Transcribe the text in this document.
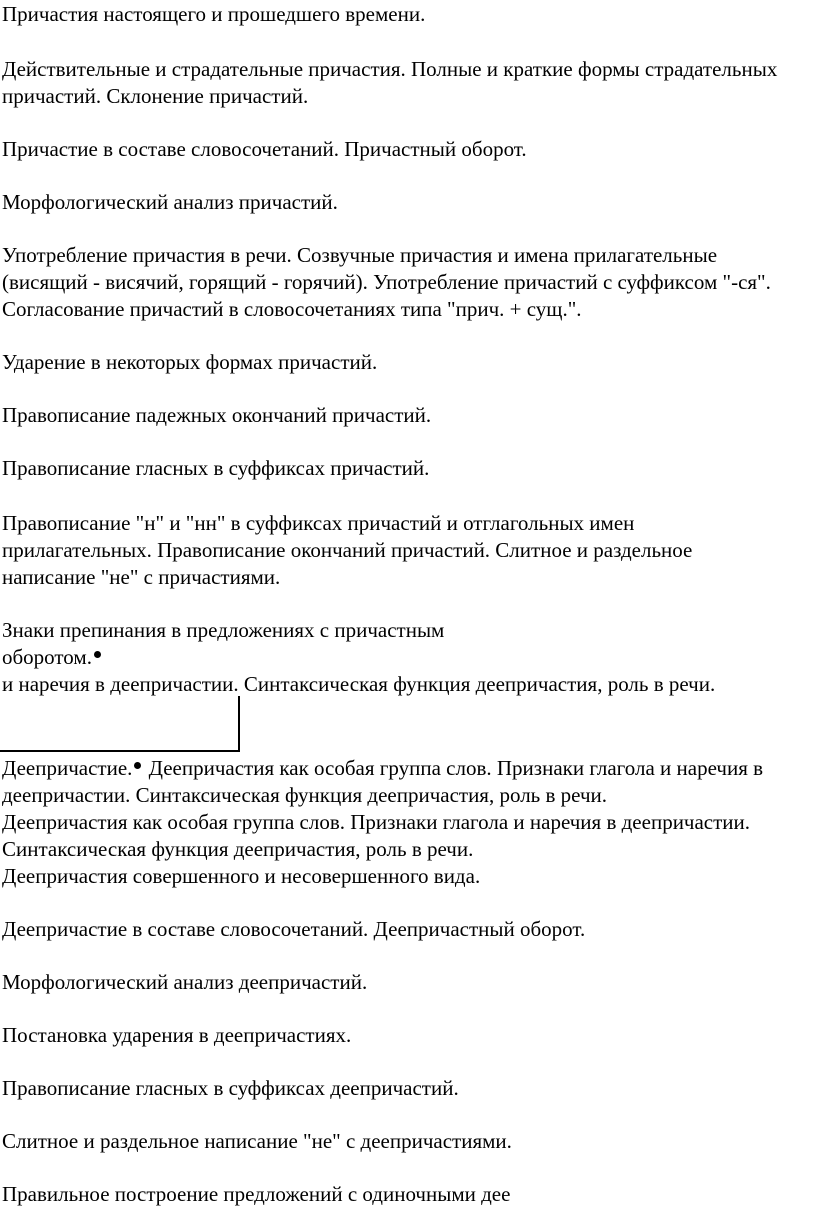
Причастия настоящего и прошедшего времени.
Действительные и страдательные причастия. Полные и краткие формы страдательных
причастий. Склонение причастий.
Причастие в составе словосочетаний. Причастный оборот.
Морфологический анализ причастий.
Употребление причастия в речи. Созвучные причастия и имена прилагательные
(висящий - висячий, горящий - горячий). Употребление причастий с суффиксом "-ся".
Согласование причастий в словосочетаниях типа "прич. + сущ.".
Ударение в некоторых формах причастий.
Правописание падежных окончаний причастий.
Правописание гласных в суффиксах причастий.
Правописание "н" и "нн" в суффиксах причастий и отглагольных имен
прилагательных. Правописание окончаний причастий. Слитное и раздельное
написание "не" с причастиями.
Знаки препинания в предложениях с причастным
оборотом.
и наречия в деепричастии. Синтаксическая функция деепричастия, роль в речи.
Деепричастие. Деепричастия как особая группа слов. Признаки глагола и наречия в
деепричастии. Синтаксическая функция деепричастия, роль в речи.
Деепричастия как особая группа слов. Признаки глагола и наречия в деепричастии.
Синтаксическая функция деепричастия, роль в речи.
Деепричастия совершенного и несовершенного вида.
Деепричастие в составе словосочетаний. Деепричастный оборот.
Морфологический анализ деепричастий.
Постановка ударения в деепричастиях.
Правописание гласных в суффиксах деепричастий.
Слитное и раздельное написание "не" с деепричастиями.
Правильное построение предложений с одиночными дее
